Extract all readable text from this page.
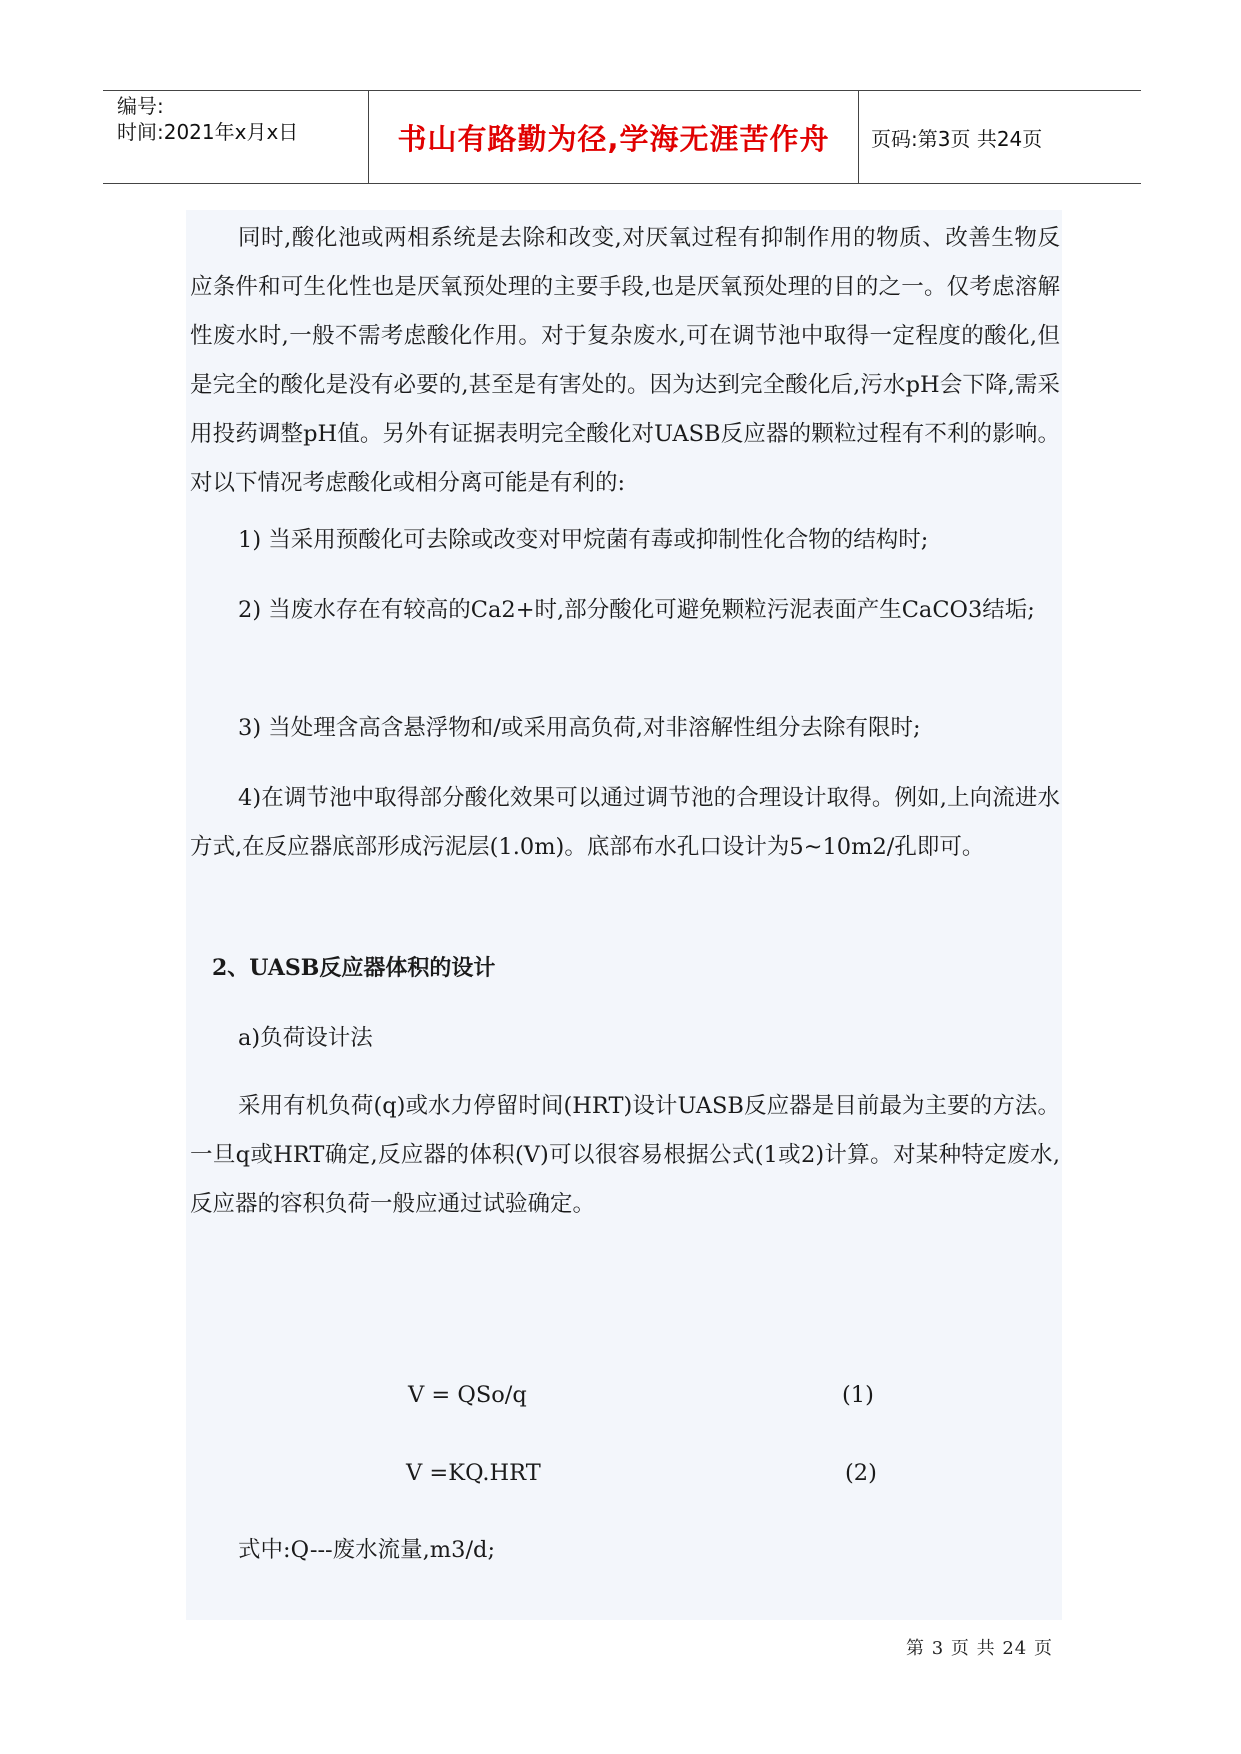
编号:
时间:2021年x月x日	书山有路勤为径,学海无涯苦作舟	页码:第3页 共24页

同时,酸化池或两相系统是去除和改变,对厌氧过程有抑制作用的物质、改善生物反应条件和可生化性也是厌氧预处理的主要手段,也是厌氧预处理的目的之一。仅考虑溶解性废水时,一般不需考虑酸化作用。对于复杂废水,可在调节池中取得一定程度的酸化,但是完全的酸化是没有必要的,甚至是有害处的。因为达到完全酸化后,污水pH会下降,需采用投药调整pH值。另外有证据表明完全酸化对UASB反应器的颗粒过程有不利的影响。对以下情况考虑酸化或相分离可能是有利的:

1) 当采用预酸化可去除或改变对甲烷菌有毒或抑制性化合物的结构时;

2) 当废水存在有较高的Ca2+时,部分酸化可避免颗粒污泥表面产生CaCO3结垢;

3) 当处理含高含悬浮物和/或采用高负荷,对非溶解性组分去除有限时;

4)在调节池中取得部分酸化效果可以通过调节池的合理设计取得。例如,上向流进水方式,在反应器底部形成污泥层(1.0m)。底部布水孔口设计为5~10m2/孔即可。

2、UASB反应器体积的设计

a)负荷设计法

采用有机负荷(q)或水力停留时间(HRT)设计UASB反应器是目前最为主要的方法。一旦q或HRT确定,反应器的体积(V)可以很容易根据公式(1或2)计算。对某种特定废水,反应器的容积负荷一般应通过试验确定。

V = QSo/q	(1)
V =KQ.HRT	(2)

式中:Q---废水流量,m3/d;

第 3 页 共 24 页
